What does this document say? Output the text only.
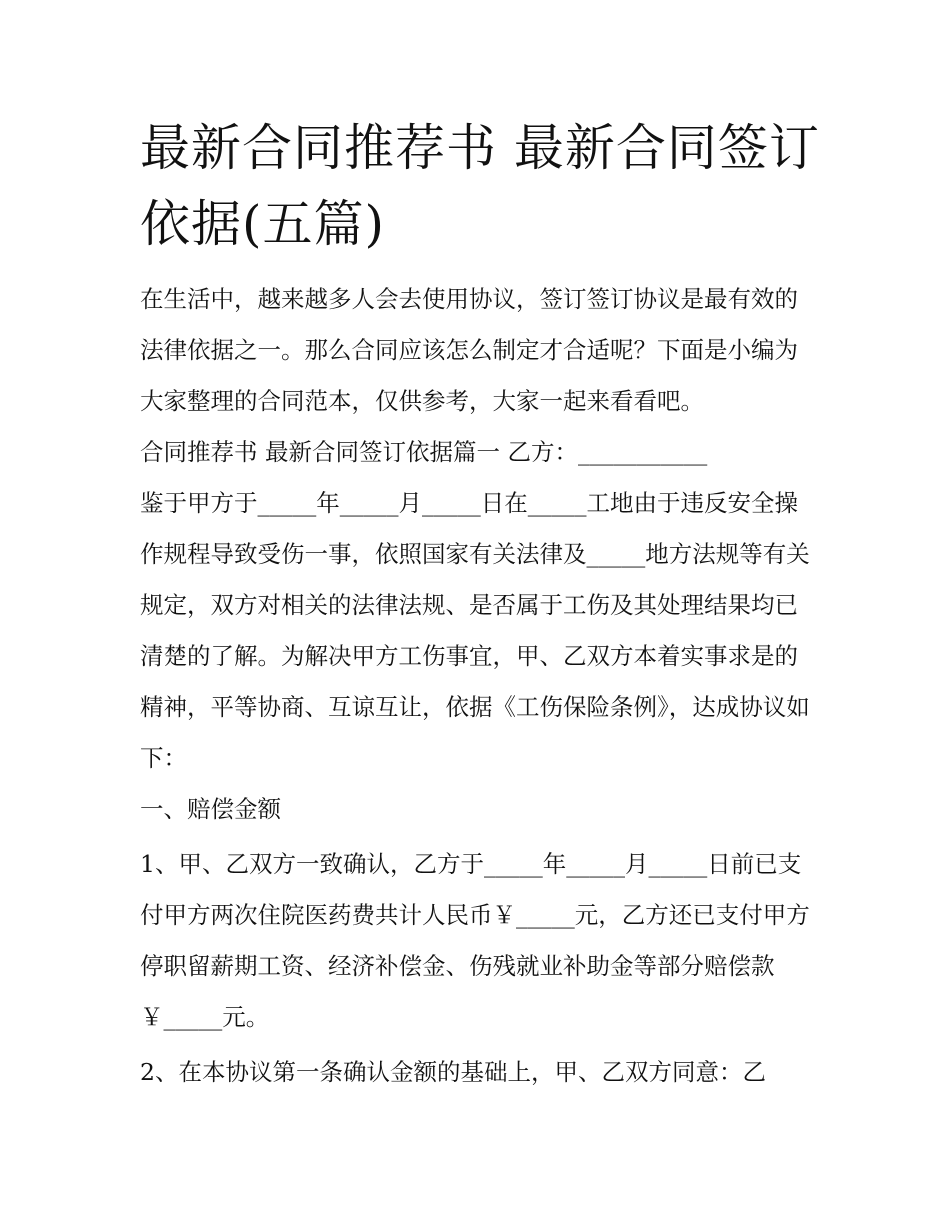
最新合同推荐书 最新合同签订依据(五篇)

在生活中，越来越多人会去使用协议，签订签订协议是最有效的法律依据之一。那么合同应该怎么制定才合适呢？下面是小编为大家整理的合同范本，仅供参考，大家一起来看看吧。

合同推荐书 最新合同签订依据篇一 乙方：___________

鉴于甲方于_____年_____月_____日在_____工地由于违反安全操作规程导致受伤一事，依照国家有关法律及_____地方法规等有关规定，双方对相关的法律法规、是否属于工伤及其处理结果均已清楚的了解。为解决甲方工伤事宜，甲、乙双方本着实事求是的精神，平等协商、互谅互让，依据《工伤保险条例》，达成协议如下：

一、赔偿金额

1、甲、乙双方一致确认，乙方于_____年_____月_____日前已支付甲方两次住院医药费共计人民币￥_____元，乙方还已支付甲方停职留薪期工资、经济补偿金、伤残就业补助金等部分赔偿款￥_____元。

2、在本协议第一条确认金额的基础上，甲、乙双方同意：乙
